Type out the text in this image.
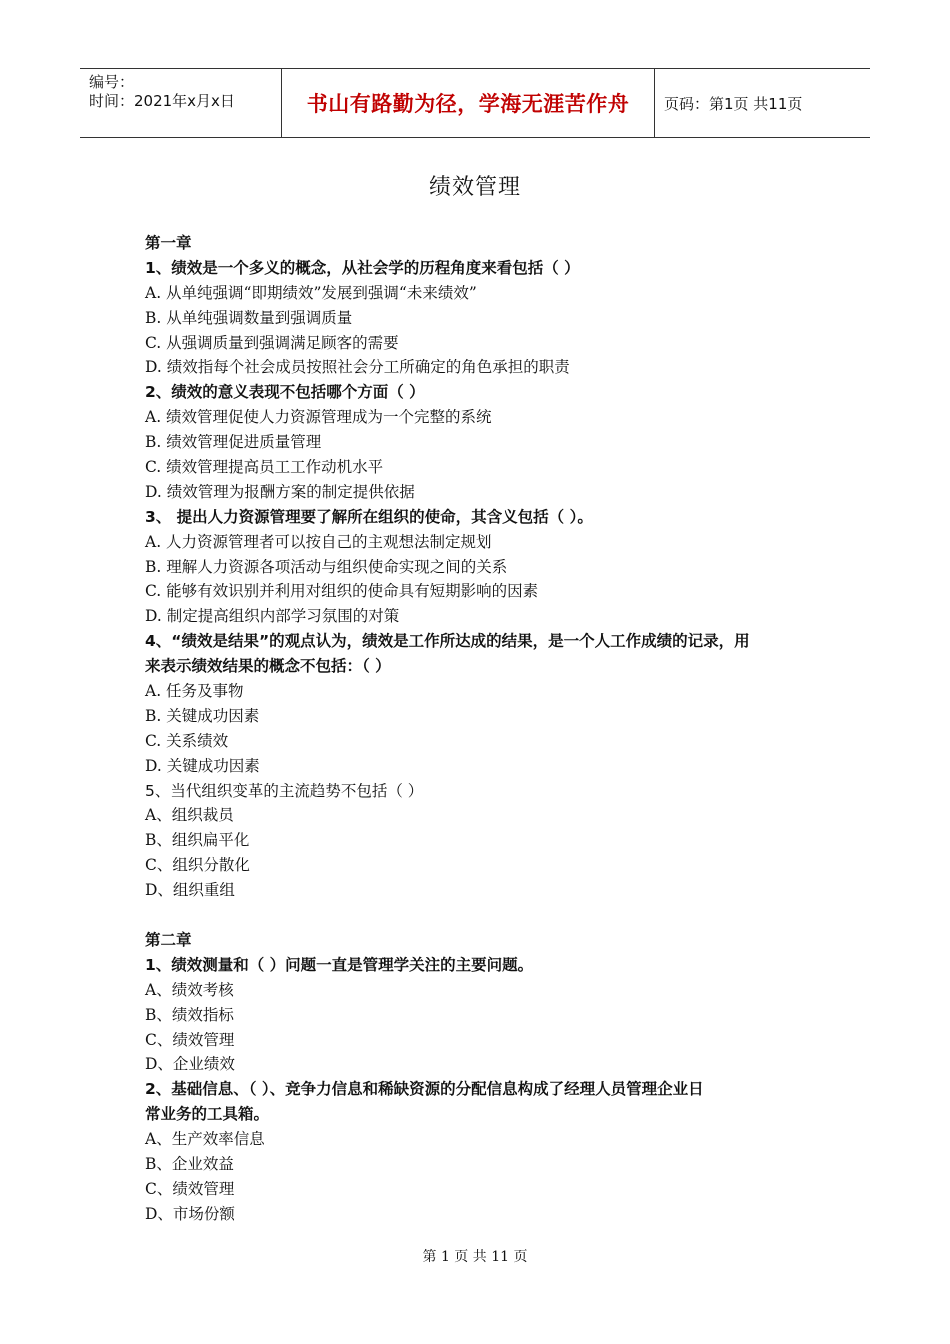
编号：
时间：2021年x月x日	书山有路勤为径，学海无涯苦作舟 页码：第1页 共11页
绩效管理
第一章
1、绩效是一个多义的概念，从社会学的历程角度来看包括（ ）
A. 从单纯强调“即期绩效”发展到强调“未来绩效”
B. 从单纯强调数量到强调质量
C. 从强调质量到强调满足顾客的需要
D. 绩效指每个社会成员按照社会分工所确定的角色承担的职责
2、绩效的意义表现不包括哪个方面（ ）
A. 绩效管理促使人力资源管理成为一个完整的系统
B. 绩效管理促进质量管理
C. 绩效管理提高员工工作动机水平
D. 绩效管理为报酬方案的制定提供依据
3、 提出人力资源管理要了解所在组织的使命，其含义包括（ ）。
A. 人力资源管理者可以按自己的主观想法制定规划
B. 理解人力资源各项活动与组织使命实现之间的关系
C. 能够有效识别并利用对组织的使命具有短期影响的因素
D. 制定提高组织内部学习氛围的对策
4、“绩效是结果”的观点认为，绩效是工作所达成的结果，是一个人工作成绩的记录，用
来表示绩效结果的概念不包括：（ ）
A. 任务及事物
B. 关键成功因素
C. 关系绩效
D. 关键成功因素
5、当代组织变革的主流趋势不包括（ ）
A、组织裁员
B、组织扁平化
C、组织分散化
D、组织重组
第二章
1、绩效测量和（ ）问题一直是管理学关注的主要问题。
A、绩效考核
B、绩效指标
C、绩效管理
D、企业绩效
2、基础信息、（ ）、竞争力信息和稀缺资源的分配信息构成了经理人员管理企业日
常业务的工具箱。
A、生产效率信息
B、企业效益
C、绩效管理
D、市场份额
第 1 页 共 11 页
